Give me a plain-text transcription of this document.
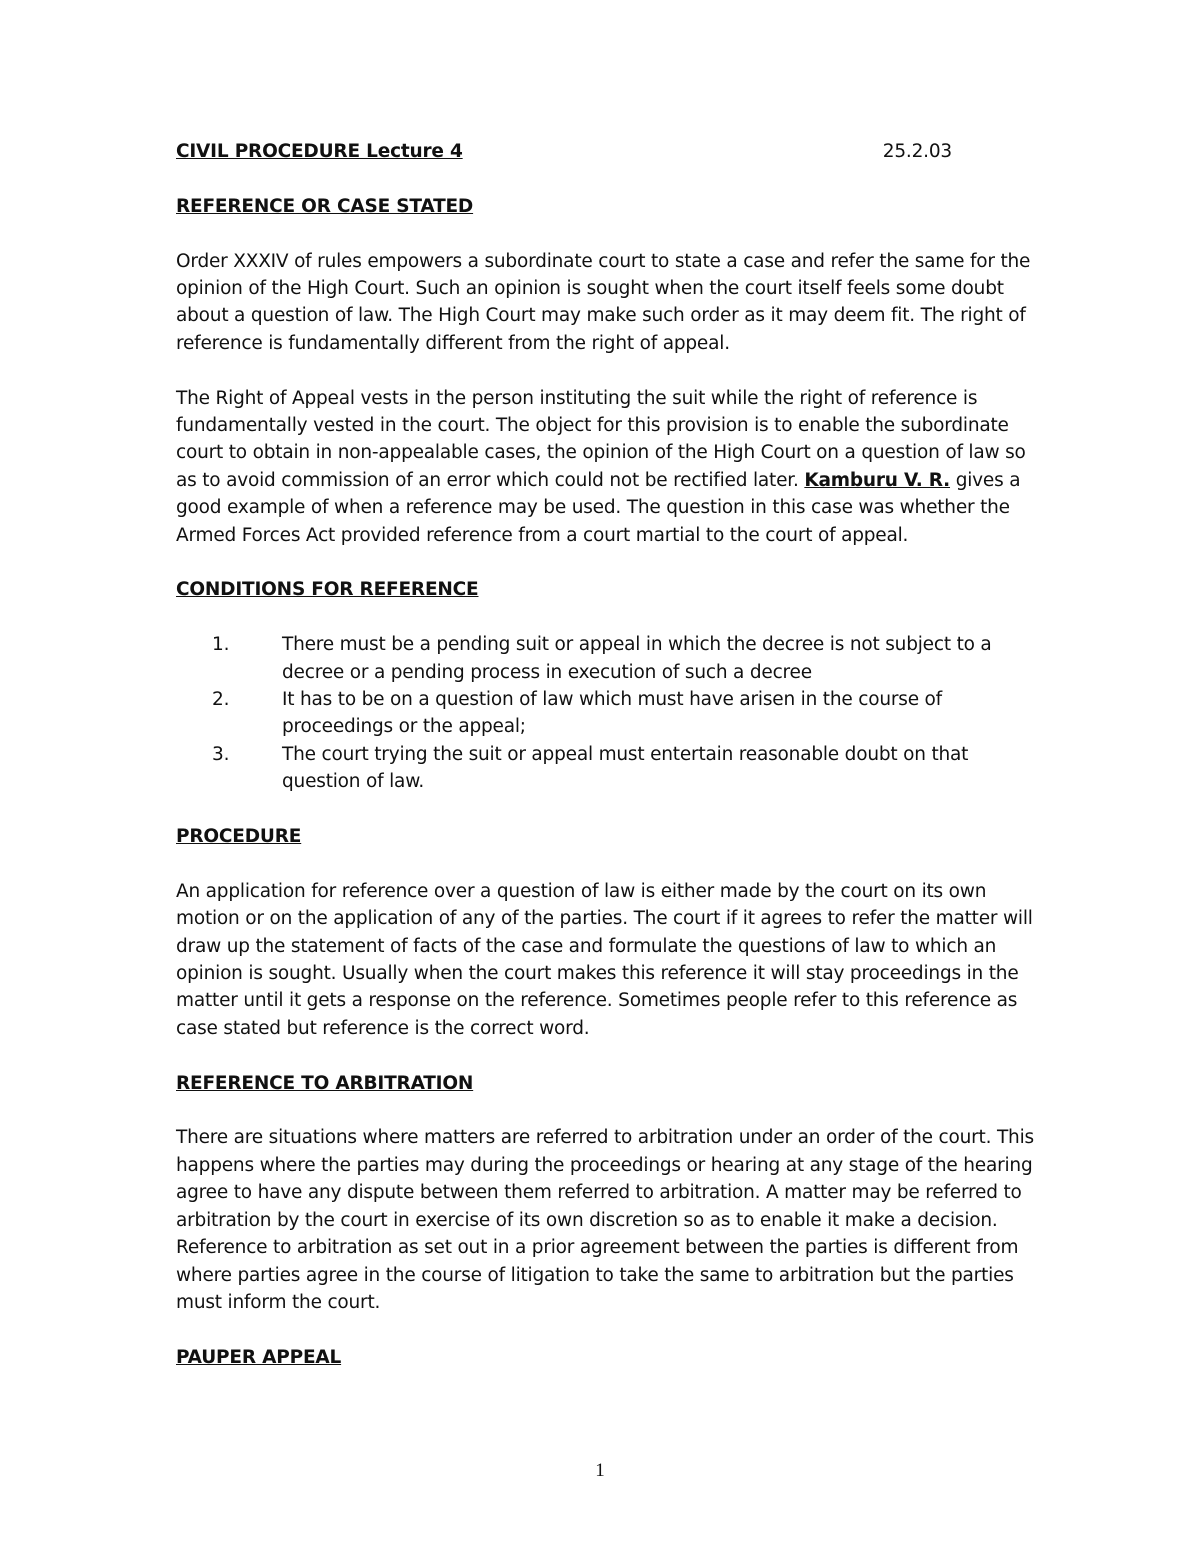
CIVIL PROCEDURE Lecture 4	25.2.03

REFERENCE OR CASE STATED

Order XXXIV of rules empowers a subordinate court to state a case and refer the same for the opinion of the High Court. Such an opinion is sought when the court itself feels some doubt about a question of law. The High Court may make such order as it may deem fit. The right of reference is fundamentally different from the right of appeal.

The Right of Appeal vests in the person instituting the suit while the right of reference is fundamentally vested in the court. The object for this provision is to enable the subordinate court to obtain in non-appealable cases, the opinion of the High Court on a question of law so as to avoid commission of an error which could not be rectified later. Kamburu V. R. gives a good example of when a reference may be used. The question in this case was whether the Armed Forces Act provided reference from a court martial to the court of appeal.

CONDITIONS FOR REFERENCE

1.	There must be a pending suit or appeal in which the decree is not subject to a decree or a pending process in execution of such a decree
2.	It has to be on a question of law which must have arisen in the course of proceedings or the appeal;
3.	The court trying the suit or appeal must entertain reasonable doubt on that question of law.

PROCEDURE

An application for reference over a question of law is either made by the court on its own motion or on the application of any of the parties. The court if it agrees to refer the matter will draw up the statement of facts of the case and formulate the questions of law to which an opinion is sought. Usually when the court makes this reference it will stay proceedings in the matter until it gets a response on the reference. Sometimes people refer to this reference as case stated but reference is the correct word.

REFERENCE TO ARBITRATION

There are situations where matters are referred to arbitration under an order of the court. This happens where the parties may during the proceedings or hearing at any stage of the hearing agree to have any dispute between them referred to arbitration. A matter may be referred to arbitration by the court in exercise of its own discretion so as to enable it make a decision. Reference to arbitration as set out in a prior agreement between the parties is different from where parties agree in the course of litigation to take the same to arbitration but the parties must inform the court.

PAUPER APPEAL

1
